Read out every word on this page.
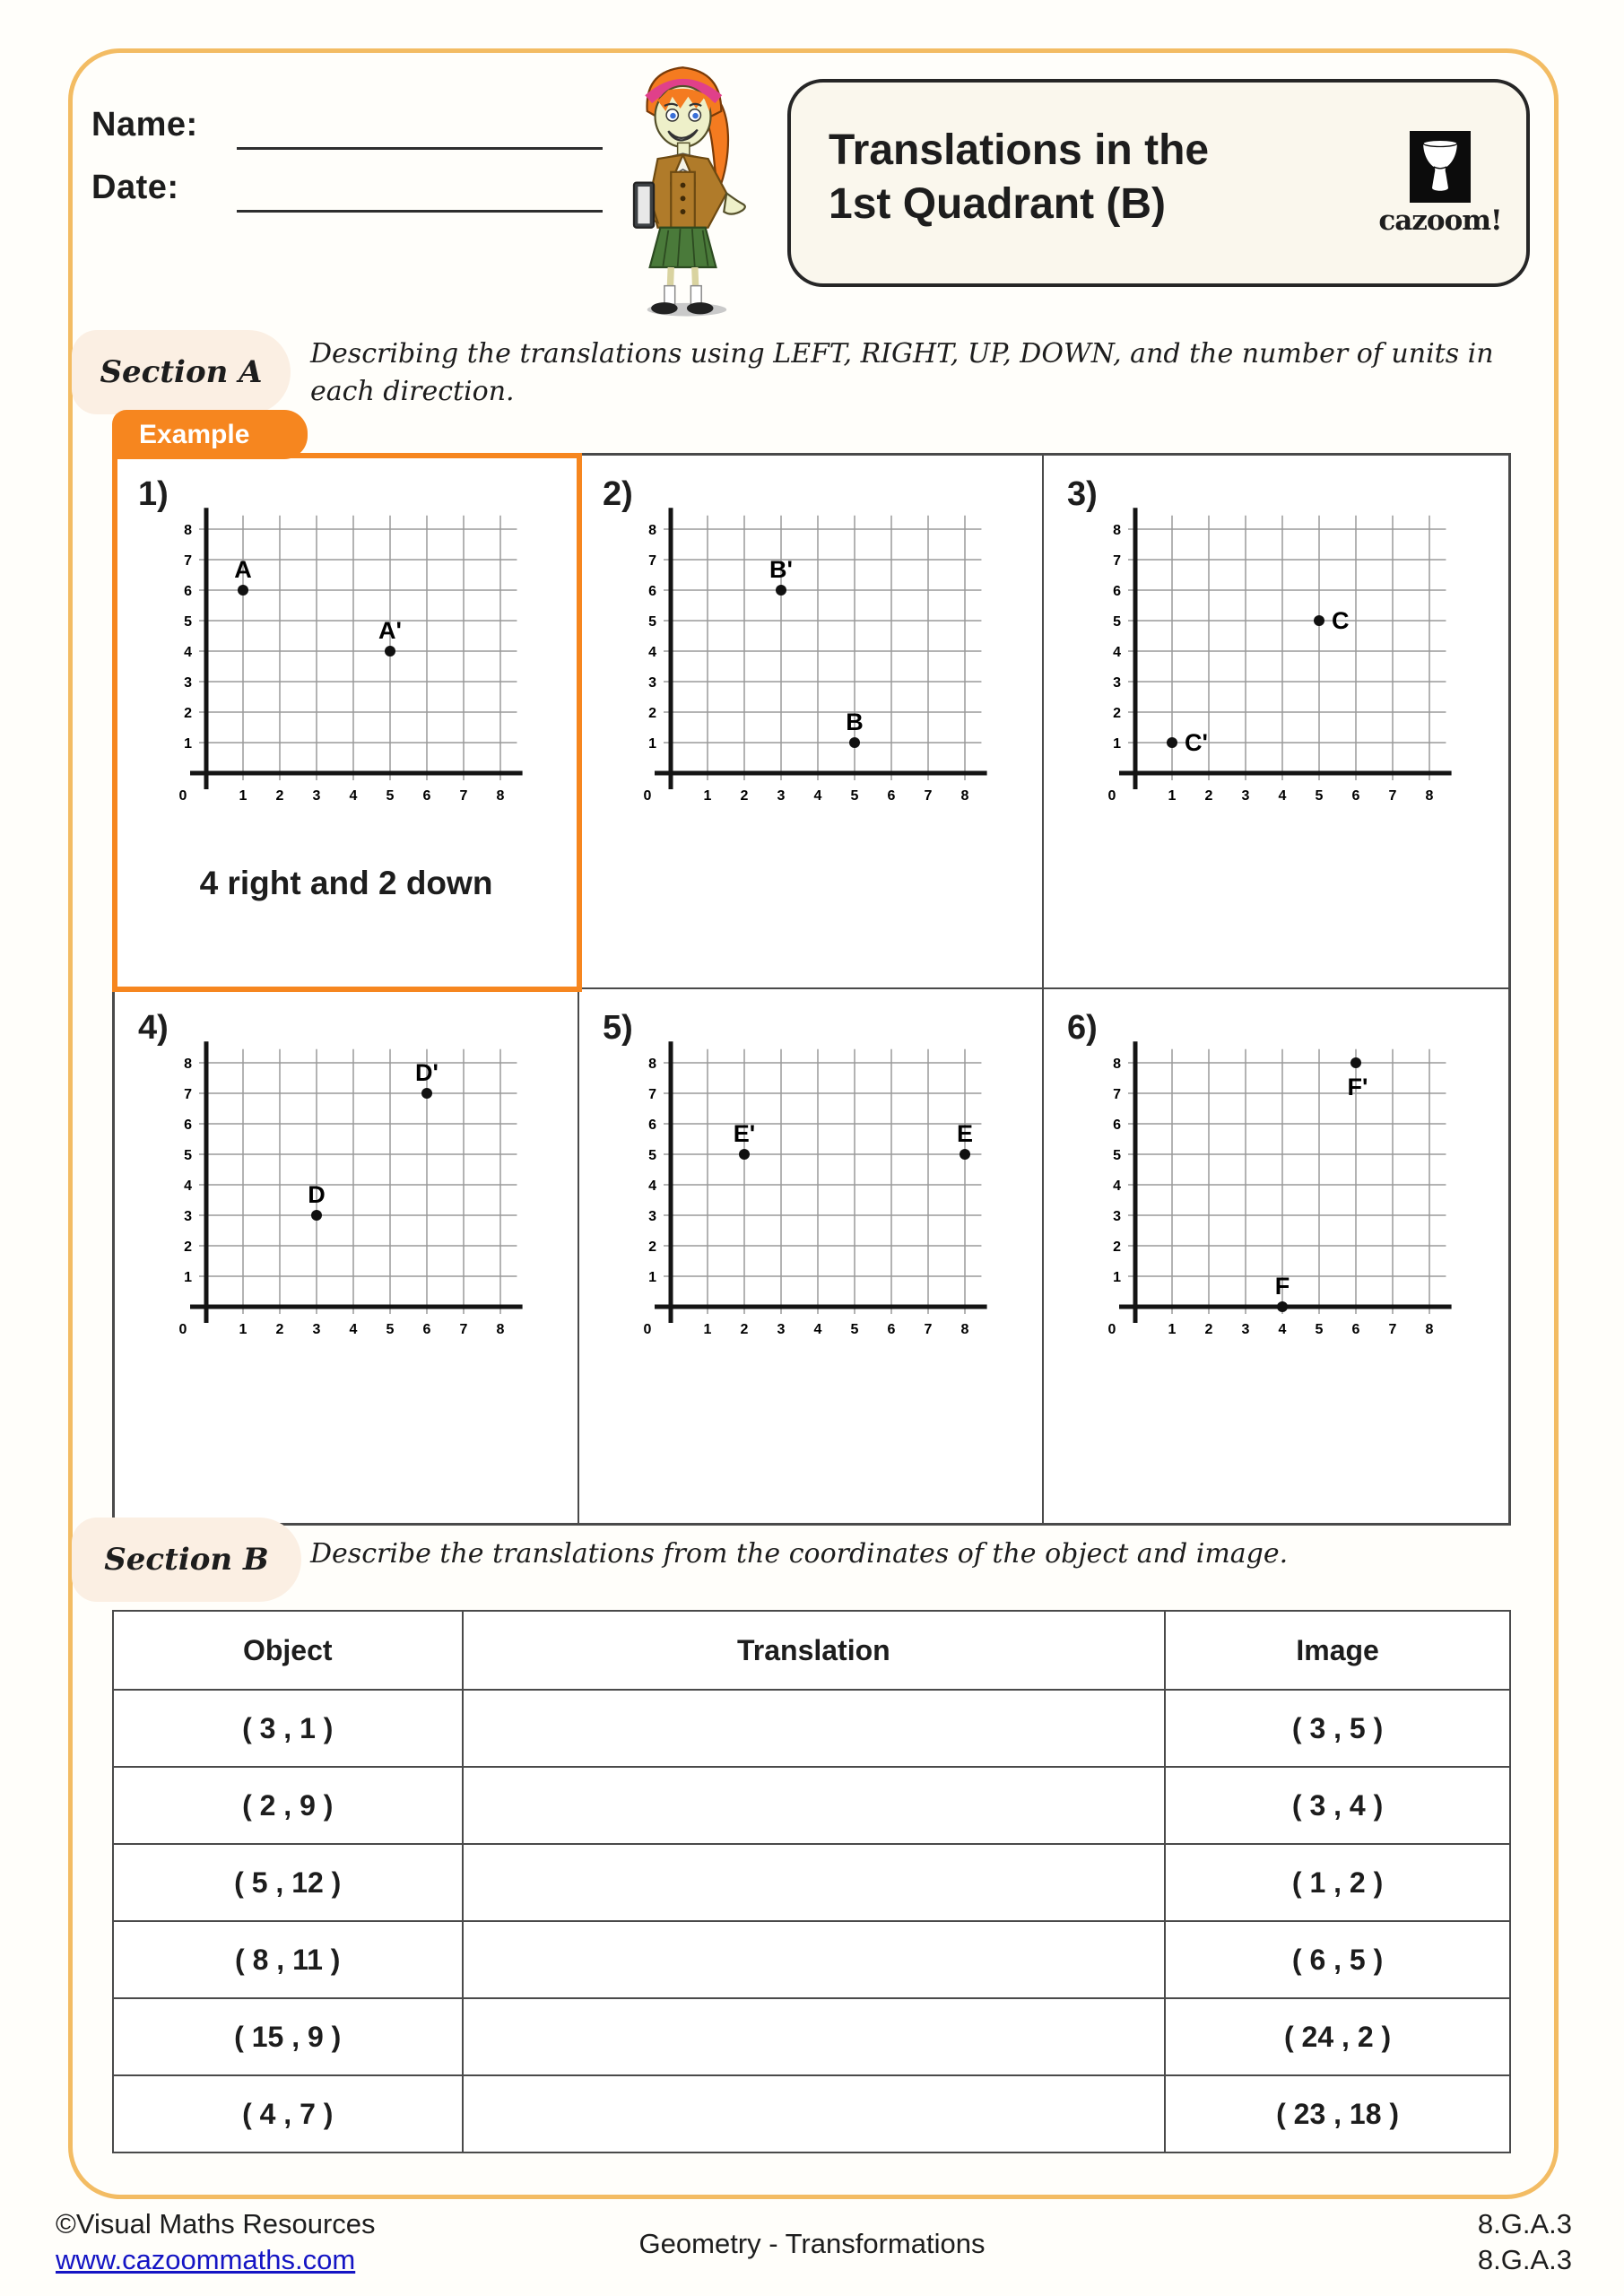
Name:
Date:
Translations in the
1st Quadrant (B)	cazoom!
Section A
Describing the translations using LEFT, RIGHT, UP, DOWN, and the number of units in each direction.
Example
1)
1
2
3
4
5
6
7
8
0	1 2 3 4 5 6 7 8
A
A'
4 right and 2 down
2)
1
2
3
4
5
6
7
8
0	1 2 3 4 5 6 7 8
B'
B
3)
1
2
3
4
5
6
7
8
0	1 2 3 4 5 6 7 8
C
C'
4)
1
2
3
4
5
6
7
8
0	1 2 3 4 5 6 7 8
D'
D
5)
1
2
3
4
5
6
7
8
0	1 2 3 4 5 6 7 8
E'	E
6)
1
2
3
4
5
6
7
8
0	1 2 3 4 5 6 7 8
F'
F
Section B	Describe the translations from the coordinates of the object and image.
Object	Translation	Image
( 3 , 1 )		( 3 , 5 )
( 2 , 9 )		( 3 , 4 )
( 5 , 12 )		( 1 , 2 )
( 8 , 11 )		( 6 , 5 )
( 15 , 9 )		( 24 , 2 )
( 4 , 7 )		( 23 , 18 )
©Visual Maths Resources
www.cazoommaths.com
Geometry - Transformations
8.G.A.3
8.G.A.3
